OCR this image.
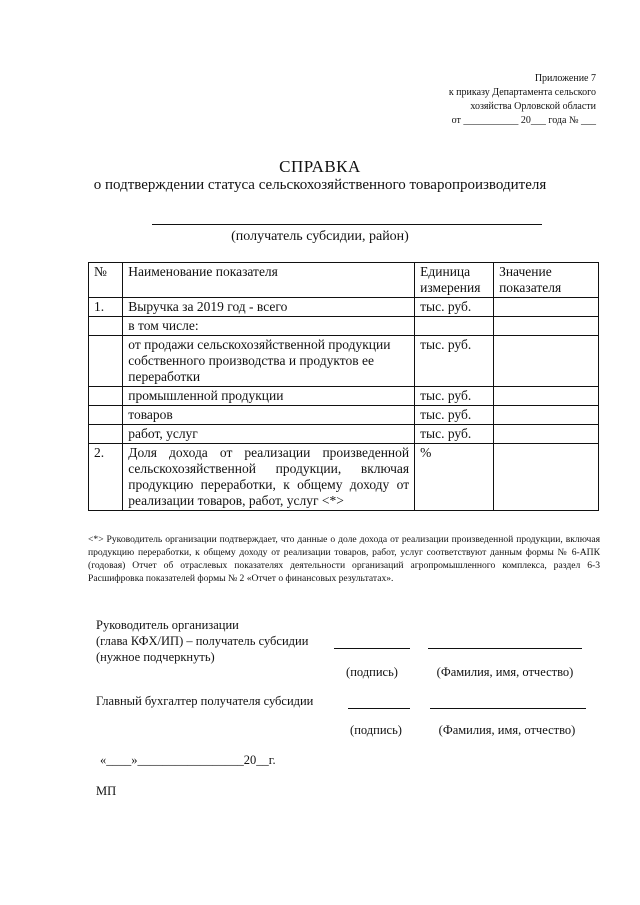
Приложение 7
к приказу Департамента сельского
хозяйства Орловской области
от ___________ 20___ года № ___
СПРАВКА
о подтверждении статуса сельскохозяйственного товаропроизводителя
(получатель субсидии, район)
№	Наименование показателя	Единица измерения	Значение показателя
1.	Выручка за 2019 год - всего	тыс. руб.	
	в том числе:		
	от продажи сельскохозяйственной продукции собственного производства и продуктов ее переработки	тыс. руб.	
	промышленной продукции	тыс. руб.	
	товаров	тыс. руб.	
	работ, услуг	тыс. руб.	
2.	Доля дохода от реализации произведенной сельскохозяйственной продукции, включая продукцию переработки, к общему доходу от реализации товаров, работ, услуг <*>	%	

<*> Руководитель организации подтверждает, что данные о доле дохода от реализации произведенной продукции, включая продукцию переработки, к общему доходу от реализации товаров, работ, услуг соответствуют данным формы № 6-АПК (годовая) Отчет об отраслевых показателях деятельности организаций агропромышленного комплекса, раздел 6-3 Расшифровка показателей формы № 2 «Отчет о финансовых результатах».

Руководитель организации
(глава КФХ/ИП) – получатель субсидии
(нужное подчеркнуть)
(подпись)	(Фамилия, имя, отчество)
Главный бухгалтер получателя субсидии
(подпись)	(Фамилия, имя, отчество)
«____»_________________20__г.
МП
